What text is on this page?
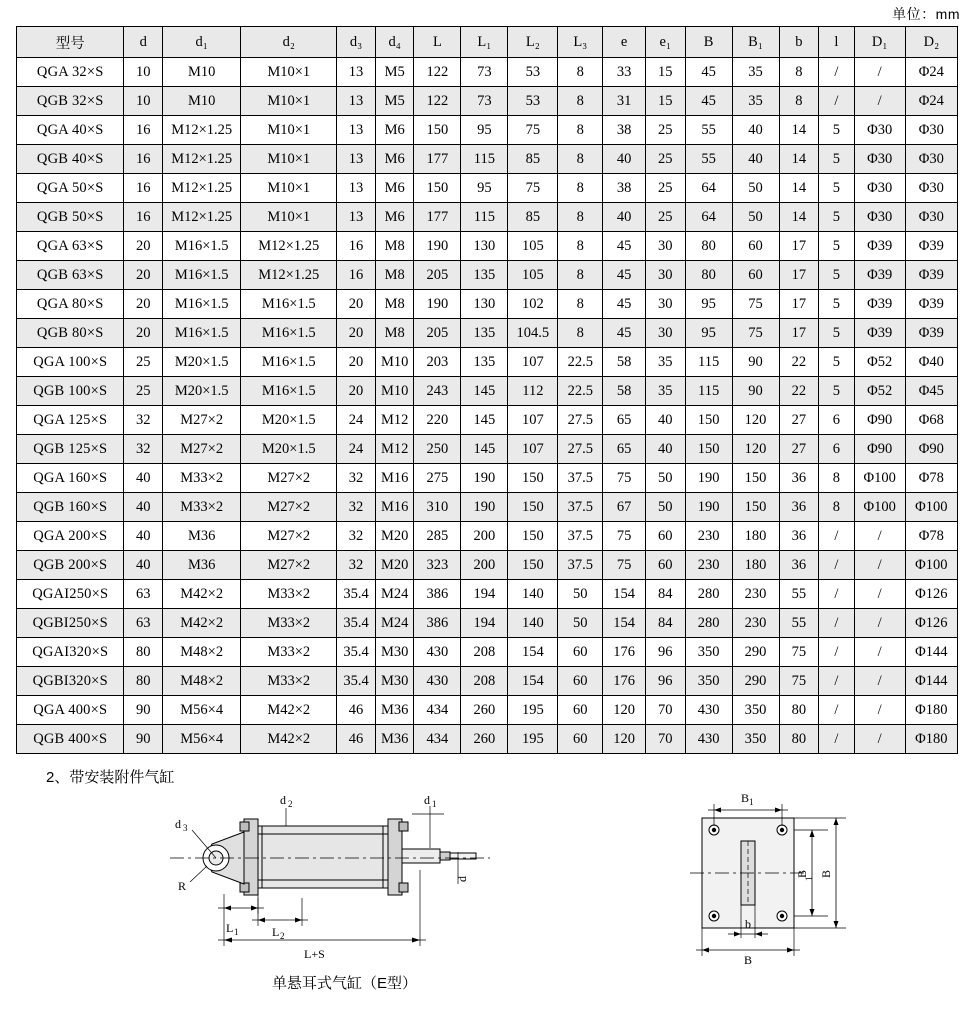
单位：mm
型号	d	d₁	d₂	d₃	d₄	L	L₁	L₂	L₃	e	e₁	B	B₁	b	l	D₁	D₂
QGA 32×S	10	M10	M10×1	13	M5	122	73	53	8	33	15	45	35	8	/	/	Φ24
QGB 32×S	10	M10	M10×1	13	M5	122	73	53	8	31	15	45	35	8	/	/	Φ24
QGA 40×S	16	M12×1.25	M10×1	13	M6	150	95	75	8	38	25	55	40	14	5	Φ30	Φ30
QGB 40×S	16	M12×1.25	M10×1	13	M6	177	115	85	8	40	25	55	40	14	5	Φ30	Φ30
QGA 50×S	16	M12×1.25	M10×1	13	M6	150	95	75	8	38	25	64	50	14	5	Φ30	Φ30
QGB 50×S	16	M12×1.25	M10×1	13	M6	177	115	85	8	40	25	64	50	14	5	Φ30	Φ30
QGA 63×S	20	M16×1.5	M12×1.25	16	M8	190	130	105	8	45	30	80	60	17	5	Φ39	Φ39
QGB 63×S	20	M16×1.5	M12×1.25	16	M8	205	135	105	8	45	30	80	60	17	5	Φ39	Φ39
QGA 80×S	20	M16×1.5	M16×1.5	20	M8	190	130	102	8	45	30	95	75	17	5	Φ39	Φ39
QGB 80×S	20	M16×1.5	M16×1.5	20	M8	205	135	104.5	8	45	30	95	75	17	5	Φ39	Φ39
QGA 100×S	25	M20×1.5	M16×1.5	20	M10	203	135	107	22.5	58	35	115	90	22	5	Φ52	Φ40
QGB 100×S	25	M20×1.5	M16×1.5	20	M10	243	145	112	22.5	58	35	115	90	22	5	Φ52	Φ45
QGA 125×S	32	M27×2	M20×1.5	24	M12	220	145	107	27.5	65	40	150	120	27	6	Φ90	Φ68
QGB 125×S	32	M27×2	M20×1.5	24	M12	250	145	107	27.5	65	40	150	120	27	6	Φ90	Φ90
QGA 160×S	40	M33×2	M27×2	32	M16	275	190	150	37.5	75	50	190	150	36	8	Φ100	Φ78
QGB 160×S	40	M33×2	M27×2	32	M16	310	190	150	37.5	67	50	190	150	36	8	Φ100	Φ100
QGA 200×S	40	M36	M27×2	32	M20	285	200	150	37.5	75	60	230	180	36	/	/	Φ78
QGB 200×S	40	M36	M27×2	32	M20	323	200	150	37.5	75	60	230	180	36	/	/	Φ100
QGAI250×S	63	M42×2	M33×2	35.4	M24	386	194	140	50	154	84	280	230	55	/	/	Φ126
QGBI250×S	63	M42×2	M33×2	35.4	M24	386	194	140	50	154	84	280	230	55	/	/	Φ126
QGAI320×S	80	M48×2	M33×2	35.4	M30	430	208	154	60	176	96	350	290	75	/	/	Φ144
QGBI320×S	80	M48×2	M33×2	35.4	M30	430	208	154	60	176	96	350	290	75	/	/	Φ144
QGA 400×S	90	M56×4	M42×2	46	M36	434	260	195	60	120	70	430	350	80	/	/	Φ180
QGB 400×S	90	M56×4	M42×2	46	M36	434	260	195	60	120	70	430	350	80	/	/	Φ180
2、带安装附件气缸
d 2
d 3
R
d 1
d
L 1	L 2
L+S
B 1
B
1
B
b
B
单悬耳式气缸（E型）
